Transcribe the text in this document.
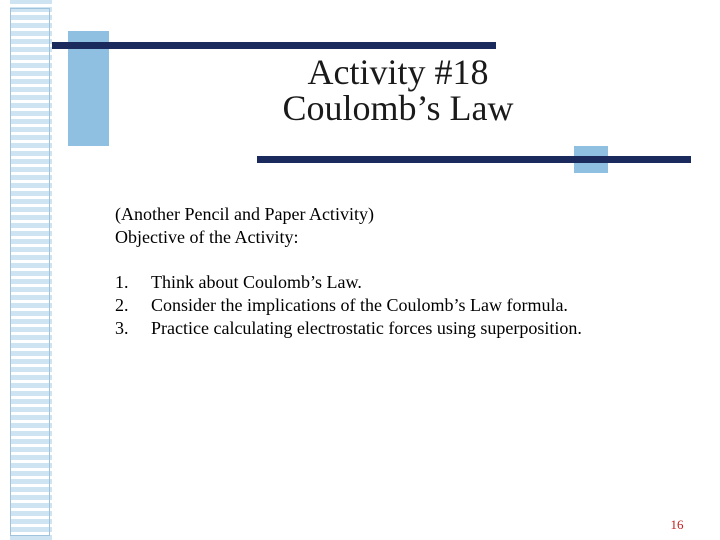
Activity #18
Coulomb’s Law
(Another Pencil and Paper Activity)
Objective of the Activity:
1.	Think about Coulomb’s Law.
2.	Consider the implications of the Coulomb’s Law formula.
3.	Practice calculating electrostatic forces using superposition.
16
